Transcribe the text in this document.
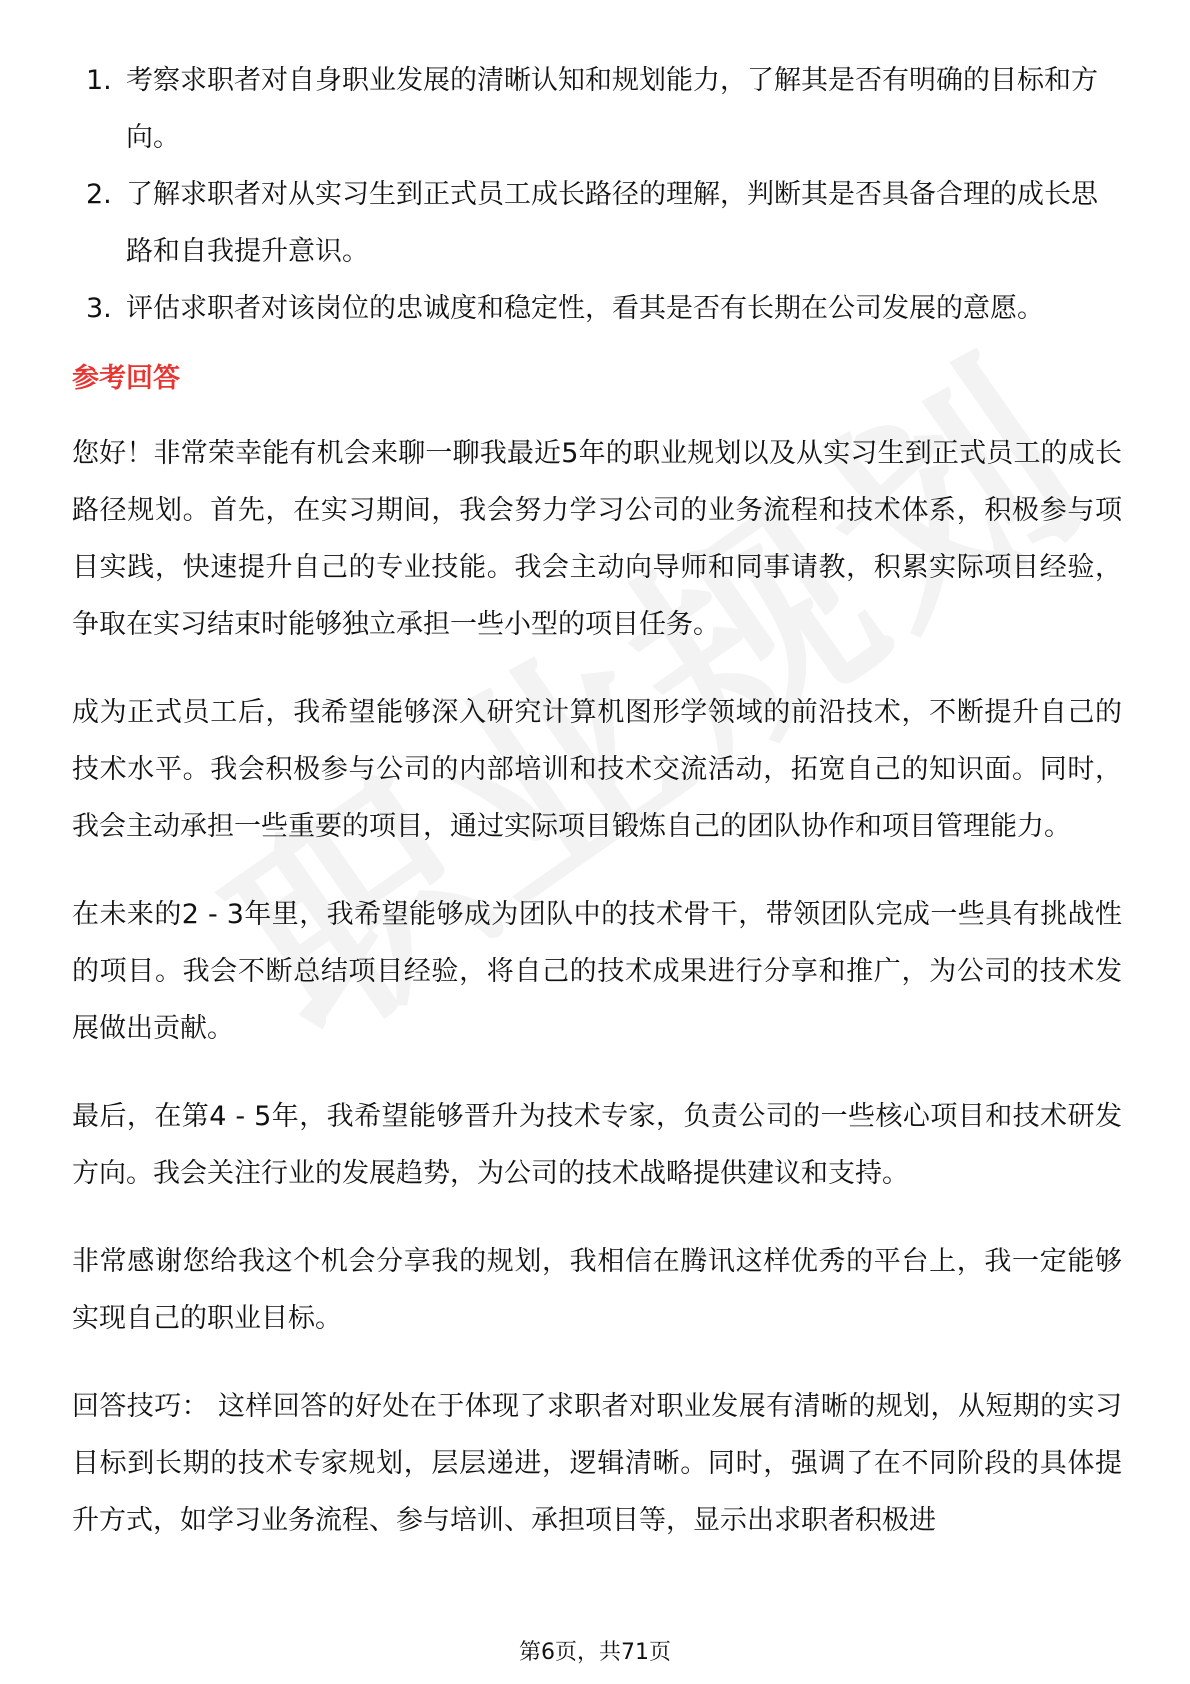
1. 考察求职者对自身职业发展的清晰认知和规划能力，了解其是否有明确的目标和方向。
2. 了解求职者对从实习生到正式员工成长路径的理解，判断其是否具备合理的成长思路和自我提升意识。
3. 评估求职者对该岗位的忠诚度和稳定性，看其是否有长期在公司发展的意愿。
参考回答

您好！非常荣幸能有机会来聊一聊我最近5年的职业规划以及从实习生到正式员工的成长路径规划。首先，在实习期间，我会努力学习公司的业务流程和技术体系，积极参与项目实践，快速提升自己的专业技能。我会主动向导师和同事请教，积累实际项目经验，争取在实习结束时能够独立承担一些小型的项目任务。

成为正式员工后，我希望能够深入研究计算机图形学领域的前沿技术，不断提升自己的技术水平。我会积极参与公司的内部培训和技术交流活动，拓宽自己的知识面。同时，我会主动承担一些重要的项目，通过实际项目锻炼自己的团队协作和项目管理能力。

在未来的2 - 3年里，我希望能够成为团队中的技术骨干，带领团队完成一些具有挑战性的项目。我会不断总结项目经验，将自己的技术成果进行分享和推广，为公司的技术发展做出贡献。

最后，在第4 - 5年，我希望能够晋升为技术专家，负责公司的一些核心项目和技术研发方向。我会关注行业的发展趋势，为公司的技术战略提供建议和支持。

非常感谢您给我这个机会分享我的规划，我相信在腾讯这样优秀的平台上，我一定能够实现自己的职业目标。

回答技巧： 这样回答的好处在于体现了求职者对职业发展有清晰的规划，从短期的实习目标到长期的技术专家规划，层层递进，逻辑清晰。同时，强调了在不同阶段的具体提升方式，如学习业务流程、参与培训、承担项目等，显示出求职者积极进

第6页，共71页
